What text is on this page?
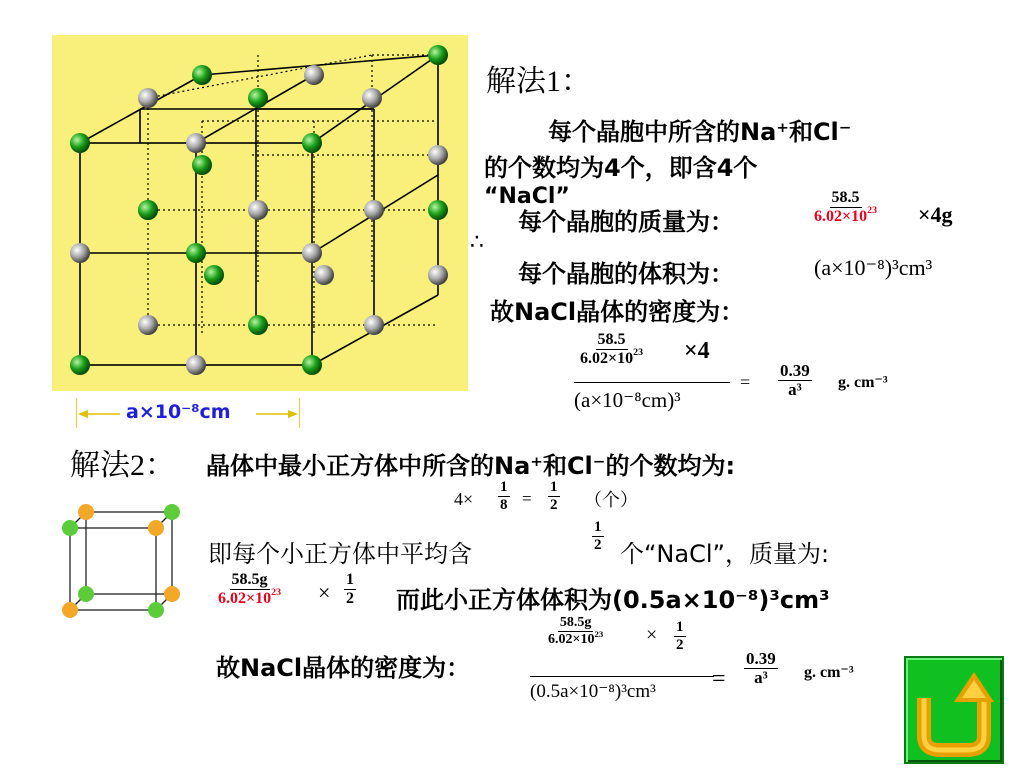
a×10⁻⁸cm
解法1：
每个晶胞中所含的Na⁺和Cl⁻
的个数均为4个，即含4个
“NaCl”
∴
每个晶胞的质量为：	$\frac{58.5}{6.02\times 10^{23}} \times 4g$
每个晶胞的体积为：	(a×10⁻⁸)³cm³
故NaCl晶体的密度为：
$\frac{58.5}{6.02\times 10^{23}} \times 4$
(a×10⁻⁸cm)³
= $\frac{0.39}{\text{a³}} g$. cm⁻³
解法2： 晶体中最小正方体中所含的Na⁺和Cl⁻的个数均为:
$4\times \frac{1}{8} = \frac{1}{2}$ （个）
即每个小正方体中平均含
$\frac{1}{2}$
个“NaCl”，质量为:
$\frac{58.5g}{6.02\times 10^{23}} \times \frac{1}{2}$ 而此小正方体体积为(0.5a×10⁻⁸)³cm³
故NaCl晶体的密度为：
$\frac{58.5g}{6.02\times 10^{23}} \times \frac{1}{2}$
$(0.5a\times 10^{-8})^3cm^3 = \frac{0.39}{\text{a³}} g$. cm⁻³
